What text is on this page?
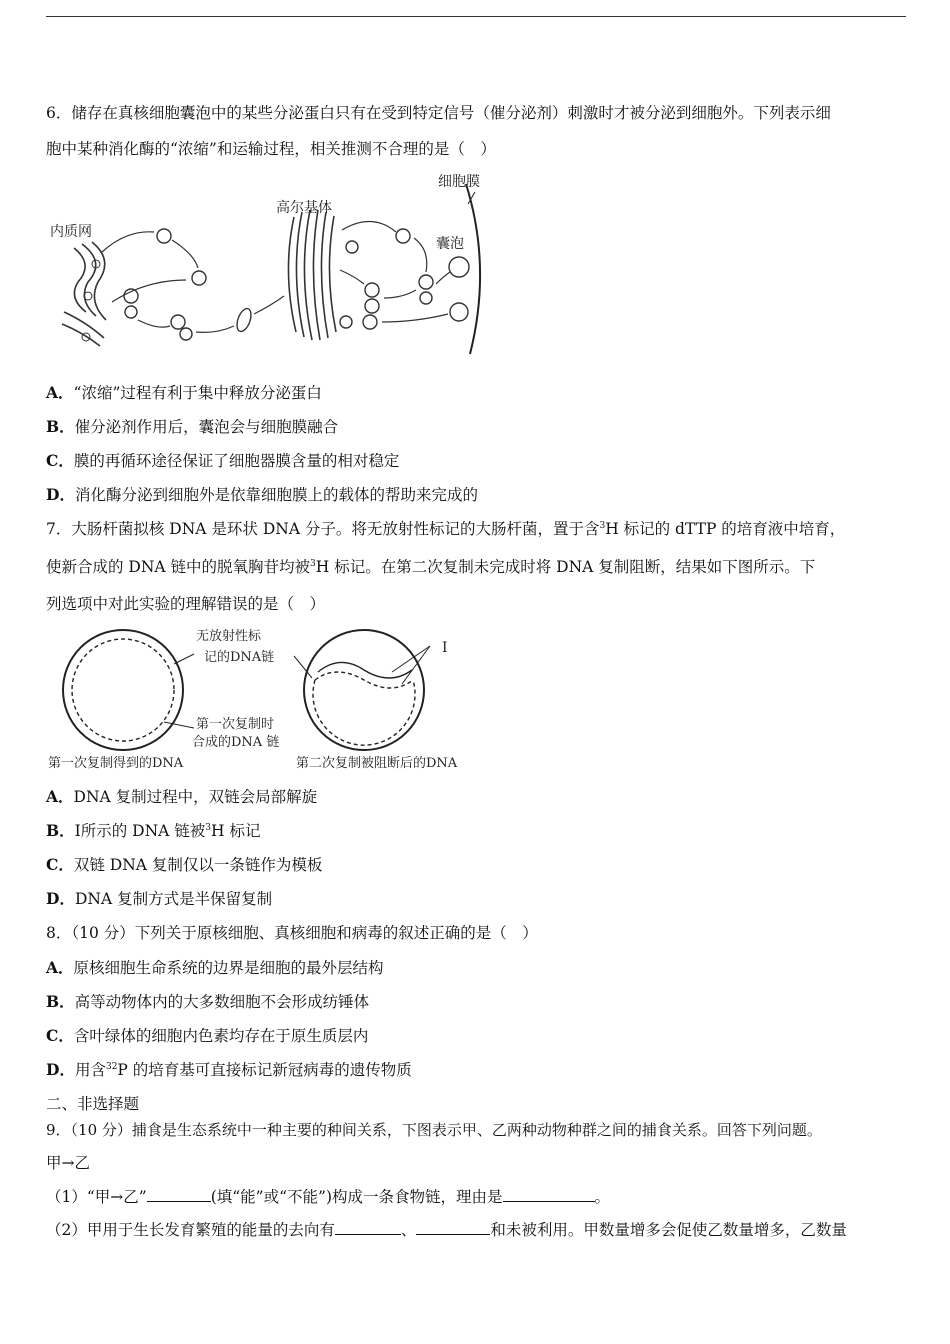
6．储存在真核细胞囊泡中的某些分泌蛋白只有在受到特定信号（催分泌剂）刺激时才被分泌到细胞外。下列表示细
胞中某种消化酶的“浓缩”和运输过程，相关推测不合理的是（　）
内质网
高尔基体
细胞膜
囊泡
A．“浓缩”过程有利于集中释放分泌蛋白
B．催分泌剂作用后，囊泡会与细胞膜融合
C．膜的再循环途径保证了细胞器膜含量的相对稳定
D．消化酶分泌到细胞外是依靠细胞膜上的载体的帮助来完成的
7．大肠杆菌拟核 DNA 是环状 DNA 分子。将无放射性标记的大肠杆菌，置于含$^3$H 标记的 dTTP 的培育液中培育，
使新合成的 DNA 链中的脱氧胸苷均被$^3$H 标记。在第二次复制未完成时将 DNA 复制阻断，结果如下图所示。下
列选项中对此实验的理解错误的是（　）
无放射性标
记的DNA链
第一次复制时
合成的DNA 链
第一次复制得到的DNA	第二次复制被阻断后的DNA
I
A．DNA 复制过程中，双链会局部解旋
B．Ⅰ所示的 DNA 链被$^3$H 标记
C．双链 DNA 复制仅以一条链作为模板
D．DNA 复制方式是半保留复制
8．（10 分）下列关于原核细胞、真核细胞和病毒的叙述正确的是（　）
A．原核细胞生命系统的边界是细胞的最外层结构
B．高等动物体内的大多数细胞不会形成纺锤体
C．含叶绿体的细胞内色素均存在于原生质层内
D．用含$^{32}$P 的培育基可直接标记新冠病毒的遗传物质
二、非选择题
9．（10 分）捕食是生态系统中一种主要的种间关系，下图表示甲、乙两种动物种群之间的捕食关系。回答下列问题。
甲→乙
（1）“甲→乙”	(填“能”或“不能”)构成一条食物链，理由是	。
（2）甲用于生长发育繁殖的能量的去向有	、	和未被利用。甲数量增多会促使乙数量增多，乙数量
